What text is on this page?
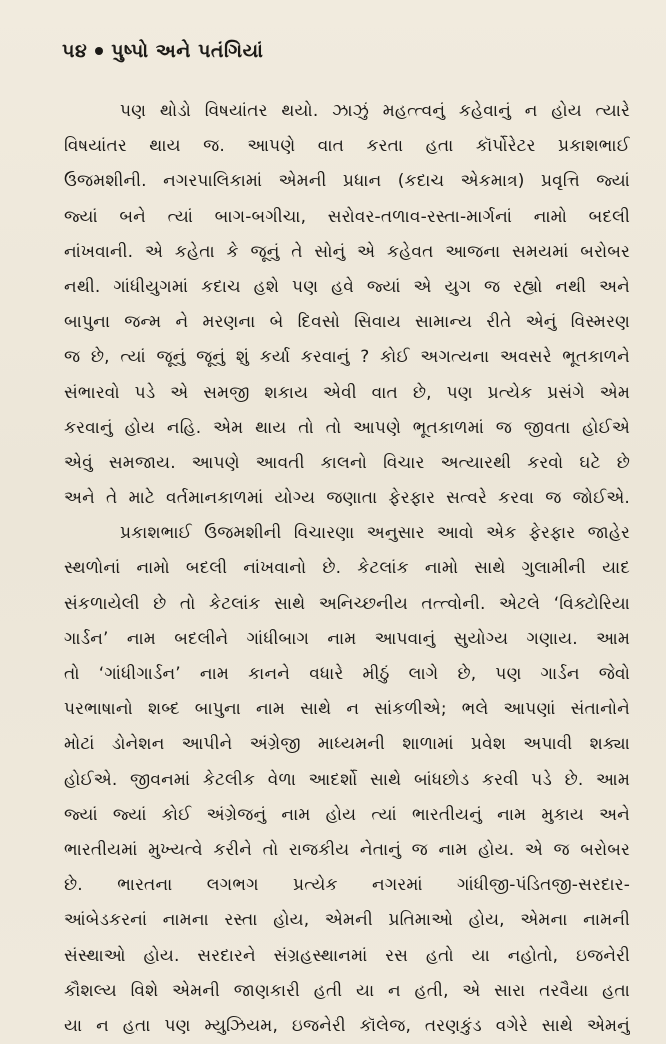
૫૪ પુષ્પો અને પતંગિયાં
પણ થોડો વિષયાંતર થયો. ઝાઝું મહત્ત્વનું કહેવાનું ન હોય ત્યારે
વિષયાંતર થાય જ. આપણે વાત કરતા હતા કૉર્પોરેટર પ્રકાશભાઈ
ઉજમશીની. નગરપાલિકામાં એમની પ્રધાન (કદાચ એકમાત્ર) પ્રવૃત્તિ જ્યાં
જ્યાં બને ત્યાં બાગ-બગીચા, સરોવર-તળાવ-રસ્તા-માર્ગનાં નામો બદલી
નાંખવાની. એ કહેતા કે જૂનું તે સોનું એ કહેવત આજના સમયમાં બરોબર
નથી. ગાંધીયુગમાં કદાચ હશે પણ હવે જ્યાં એ યુગ જ રહ્યો નથી અને
બાપુના જન્મ ને મરણના બે દિવસો સિવાય સામાન્ય રીતે એનું વિસ્મરણ
જ છે, ત્યાં જૂનું જૂનું શું કર્યા કરવાનું ? કોઈ અગત્યના અવસરે ભૂતકાળને
સંભારવો પડે એ સમજી શકાય એવી વાત છે, પણ પ્રત્યેક પ્રસંગે એમ
કરવાનું હોય નહિ. એમ થાય તો તો આપણે ભૂતકાળમાં જ જીવતા હોઈએ
એવું સમજાય. આપણે આવતી કાલનો વિચાર અત્યારથી કરવો ઘટે છે
અને તે માટે વર્તમાનકાળમાં યોગ્ય જણાતા ફેરફાર સત્વરે કરવા જ જોઈએ.
પ્રકાશભાઈ ઉજમશીની વિચારણા અનુસાર આવો એક ફેરફાર જાહેર
સ્થળોનાં નામો બદલી નાંખવાનો છે. કેટલાંક નામો સાથે ગુલામીની યાદ
સંકળાયેલી છે તો કેટલાંક સાથે અનિચ્છનીય તત્ત્વોની. એટલે ‘વિક્ટોરિયા
ગાર્ડન’ નામ બદલીને ગાંધીબાગ નામ આપવાનું સુયોગ્ય ગણાય. આમ
તો ‘ગાંધીગાર્ડન’ નામ કાનને વધારે મીઠું લાગે છે, પણ ગાર્ડન જેવો
પરભાષાનો શબ્દ બાપુના નામ સાથે ન સાંકળીએ; ભલે આપણાં સંતાનોને
મોટાં ડોનેશન આપીને અંગ્રેજી માધ્યમની શાળામાં પ્રવેશ અપાવી શક્યા
હોઈએ. જીવનમાં કેટલીક વેળા આદર્શો સાથે બાંધછોડ કરવી પડે છે. આમ
જ્યાં જ્યાં કોઈ અંગ્રેજનું નામ હોય ત્યાં ભારતીયનું નામ મુકાય અને
ભારતીયમાં મુખ્યત્વે કરીને તો રાજકીય નેતાનું જ નામ હોય. એ જ બરોબર
છે. ભારતના લગભગ પ્રત્યેક નગરમાં ગાંધીજી-પંડિતજી-સરદાર-
આંબેડકરનાં નામના રસ્તા હોય, એમની પ્રતિમાઓ હોય, એમના નામની
સંસ્થાઓ હોય. સરદારને સંગ્રહસ્થાનમાં રસ હતો યા નહોતો, ઇજનેરી
કૌશલ્ય વિશે એમની જાણકારી હતી યા ન હતી, એ સારા તરવૈયા હતા
યા ન હતા પણ મ્યુઝિયમ, ઇજનેરી કૉલેજ, તરણકુંડ વગેરે સાથે એમનું
